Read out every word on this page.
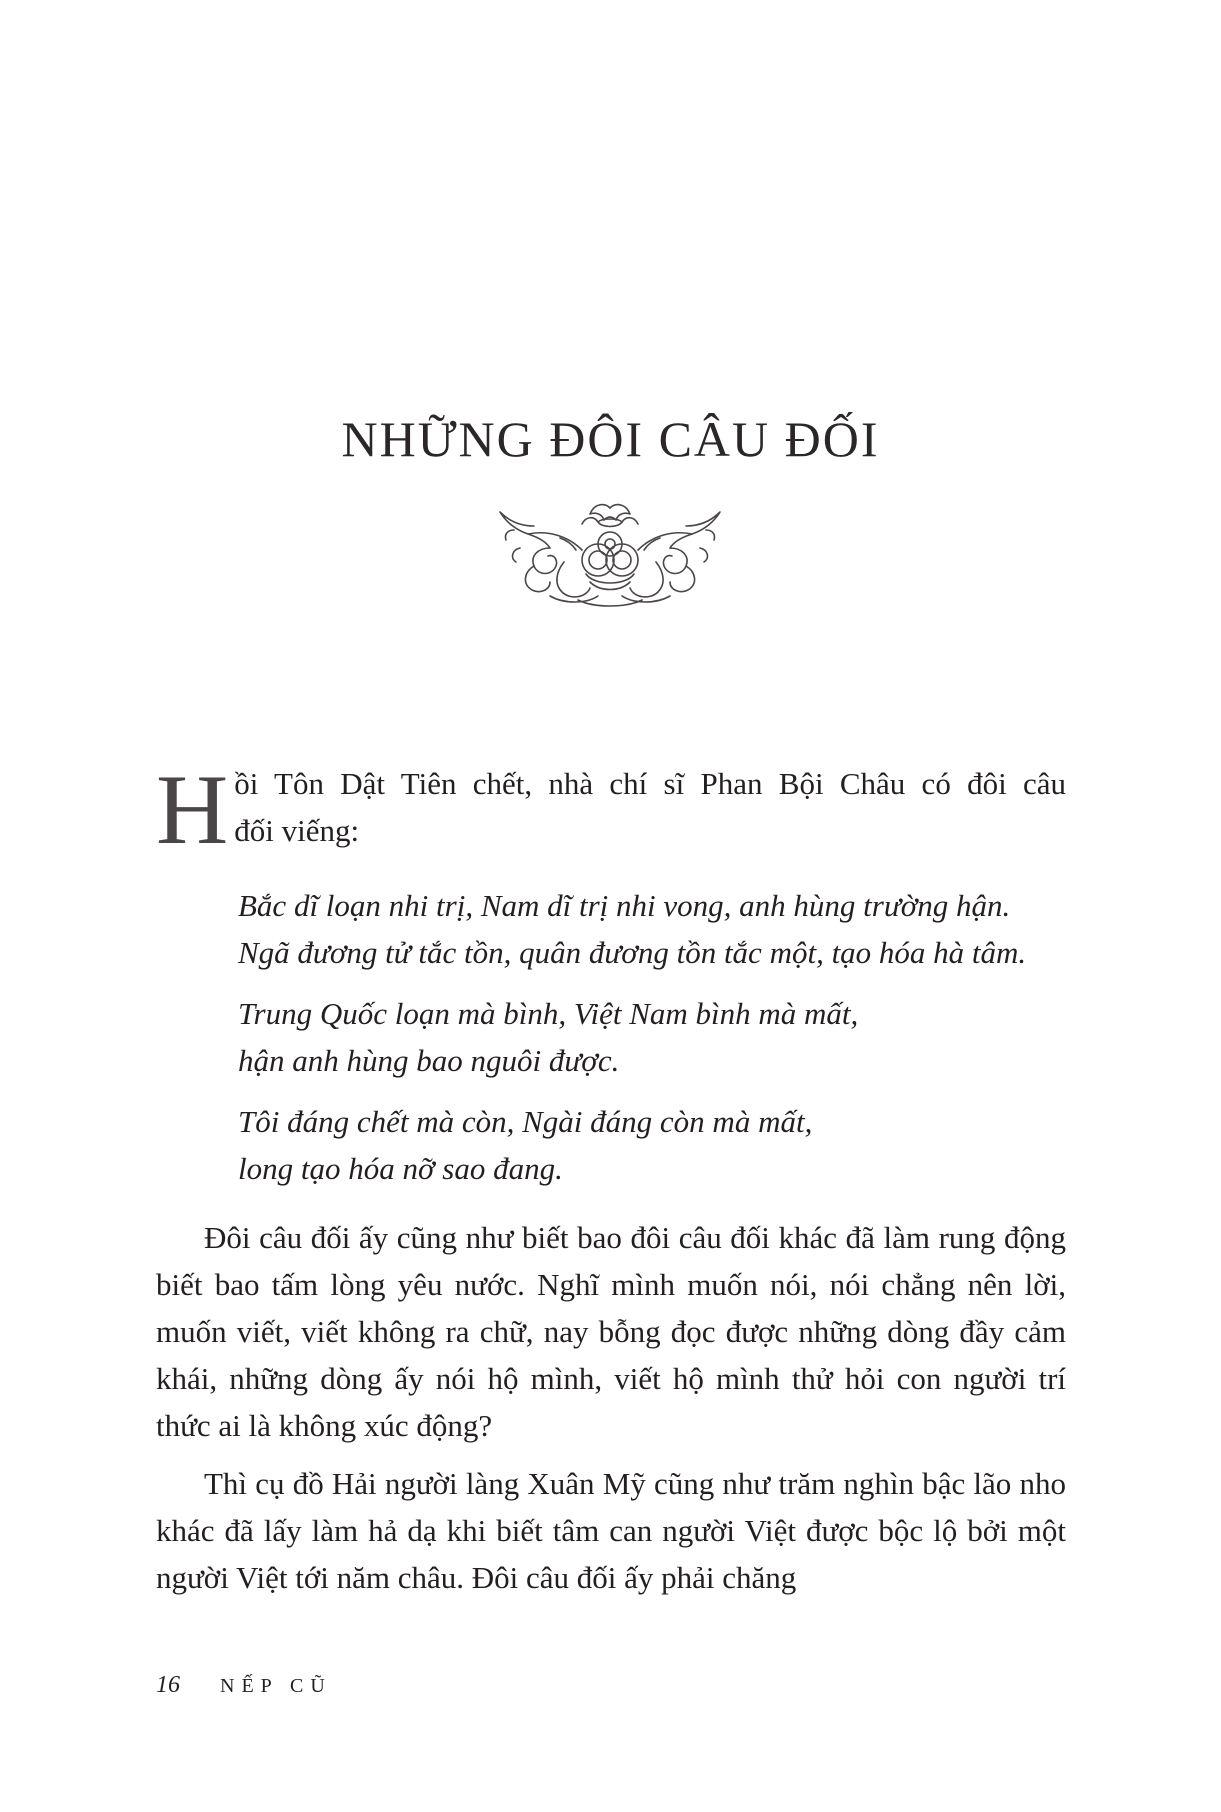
NHỮNG ĐÔI CÂU ĐỐI
H ồi Tôn Dật Tiên chết, nhà chí sĩ Phan Bội Châu có đôi câu
đối viếng:
Bắc dĩ loạn nhi trị, Nam dĩ trị nhi vong, anh hùng trường hận.
Ngã đương tử tắc tồn, quân đương tồn tắc một, tạo hóa hà tâm.
Trung Quốc loạn mà bình, Việt Nam bình mà mất,
hận anh hùng bao nguôi được.
Tôi đáng chết mà còn, Ngài đáng còn mà mất,
long tạo hóa nỡ sao đang.

Đôi câu đối ấy cũng như biết bao đôi câu đối khác đã làm rung động biết bao tấm lòng yêu nước. Nghĩ mình muốn nói, nói chẳng nên lời, muốn viết, viết không ra chữ, nay bỗng đọc được những dòng đầy cảm khái, những dòng ấy nói hộ mình, viết hộ mình thử hỏi con người trí thức ai là không xúc động?

Thì cụ đồ Hải người làng Xuân Mỹ cũng như trăm nghìn bậc lão nho khác đã lấy làm hả dạ khi biết tâm can người Việt được bộc lộ bởi một người Việt tới năm châu. Đôi câu đối ấy phải chăng

16 NẾP CŨ
